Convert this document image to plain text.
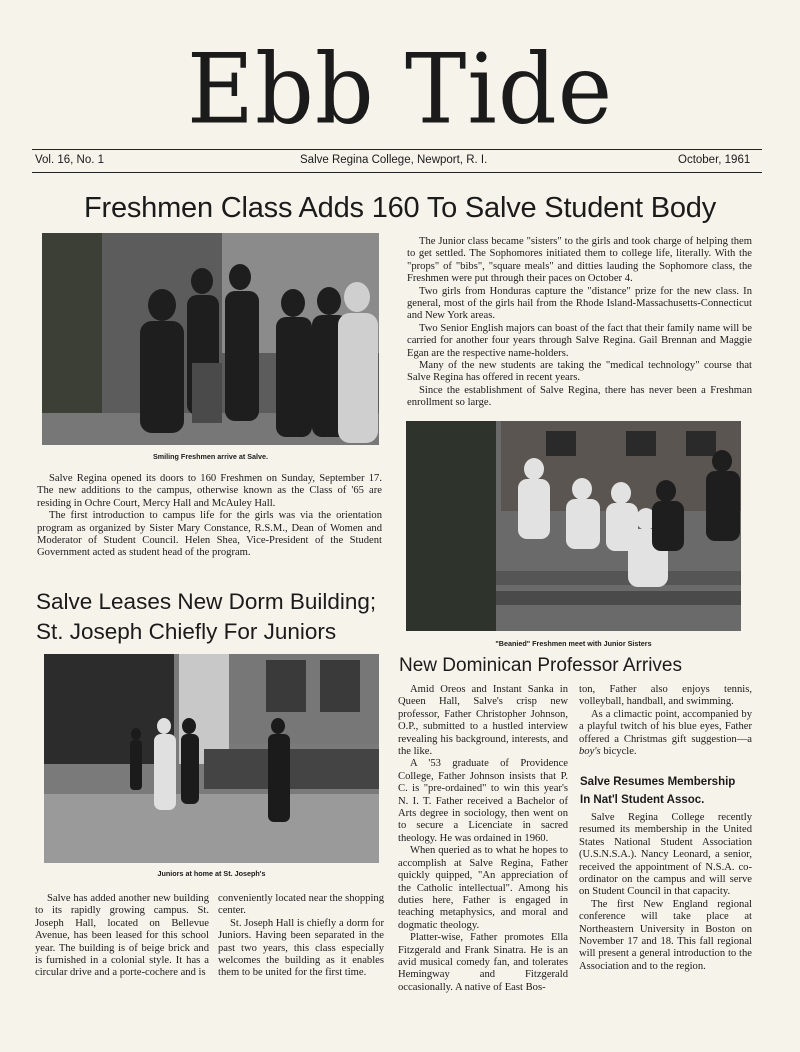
Ebb Tide
Vol. 16, No. 1	Salve Regina College, Newport, R. I.	October, 1961
Freshmen Class Adds 160 To Salve Student Body
Smiling Freshmen arrive at Salve.

Salve Regina opened its doors to 160 Freshmen on Sunday, September 17. The new additions to the campus, otherwise known as the Class of '65 are residing in Ochre Court, Mercy Hall and McAuley Hall.

The first introduction to campus life for the girls was via the orientation program as organized by Sister Mary Constance, R.S.M., Dean of Women and Moderator of Student Council. Helen Shea, Vice-President of the Student Government acted as student head of the program.

The Junior class became "sisters" to the girls and took charge of helping them to get settled. The Sophomores initiated them to college life, literally. With the "props" of "bibs", "square meals" and ditties lauding the Sophomore class, the Freshmen were put through their paces on October 4.

Two girls from Honduras capture the "distance" prize for the new class. In general, most of the girls hail from the Rhode Island-Massachusetts-Connecticut and New York areas.

Two Senior English majors can boast of the fact that their family name will be carried for another four years through Salve Regina. Gail Brennan and Maggie Egan are the respective name-holders.

Many of the new students are taking the "medical technology" course that Salve Regina has offered in recent years.

Since the establishment of Salve Regina, there has never been a Freshman enrollment so large.

"Beanied" Freshmen meet with Junior Sisters
Salve Leases New Dorm Building;
St. Joseph Chiefly For Juniors
Juniors at home at St. Joseph's

Salve has added another new building to its rapidly growing campus. St. Joseph Hall, located on Bellevue Avenue, has been leased for this school year. The building is of beige brick and is furnished in a colonial style. It has a circular drive and a porte-cochere and is

conveniently located near the shopping center.

St. Joseph Hall is chiefly a dorm for Juniors. Having been separated in the past two years, this class especially welcomes the building as it enables them to be united for the first time.

New Dominican Professor Arrives

Amid Oreos and Instant Sanka in Queen Hall, Salve's crisp new professor, Father Christopher Johnson, O.P., submitted to a hustled interview revealing his background, interests, and the like.

A '53 graduate of Providence College, Father Johnson insists that P. C. is "pre-ordained" to win this year's N. I. T. Father received a Bachelor of Arts degree in sociology, then went on to secure a Licenciate in sacred theology. He was ordained in 1960.

When queried as to what he hopes to accomplish at Salve Regina, Father quickly quipped, "An appreciation of the Catholic intellectual". Among his duties here, Father is engaged in teaching metaphysics, and moral and dogmatic theology.

Platter-wise, Father promotes Ella Fitzgerald and Frank Sinatra. He is an avid musical comedy fan, and tolerates Hemingway and Fitzgerald occasionally. A native of East Bos-

ton, Father also enjoys tennis, volleyball, handball, and swimming.

As a climactic point, accompanied by a playful twitch of his blue eyes, Father offered a Christmas gift suggestion—a boy's bicycle.

Salve Resumes Membership
In Nat'l Student Assoc.

Salve Regina College recently resumed its membership in the United States National Student Association (U.S.N.S.A.). Nancy Leonard, a senior, received the appointment of N.S.A. co-ordinator on the campus and will serve on Student Council in that capacity.

The first New England regional conference will take place at Northeastern University in Boston on November 17 and 18. This fall regional will present a general introduction to the Association and to the region.
